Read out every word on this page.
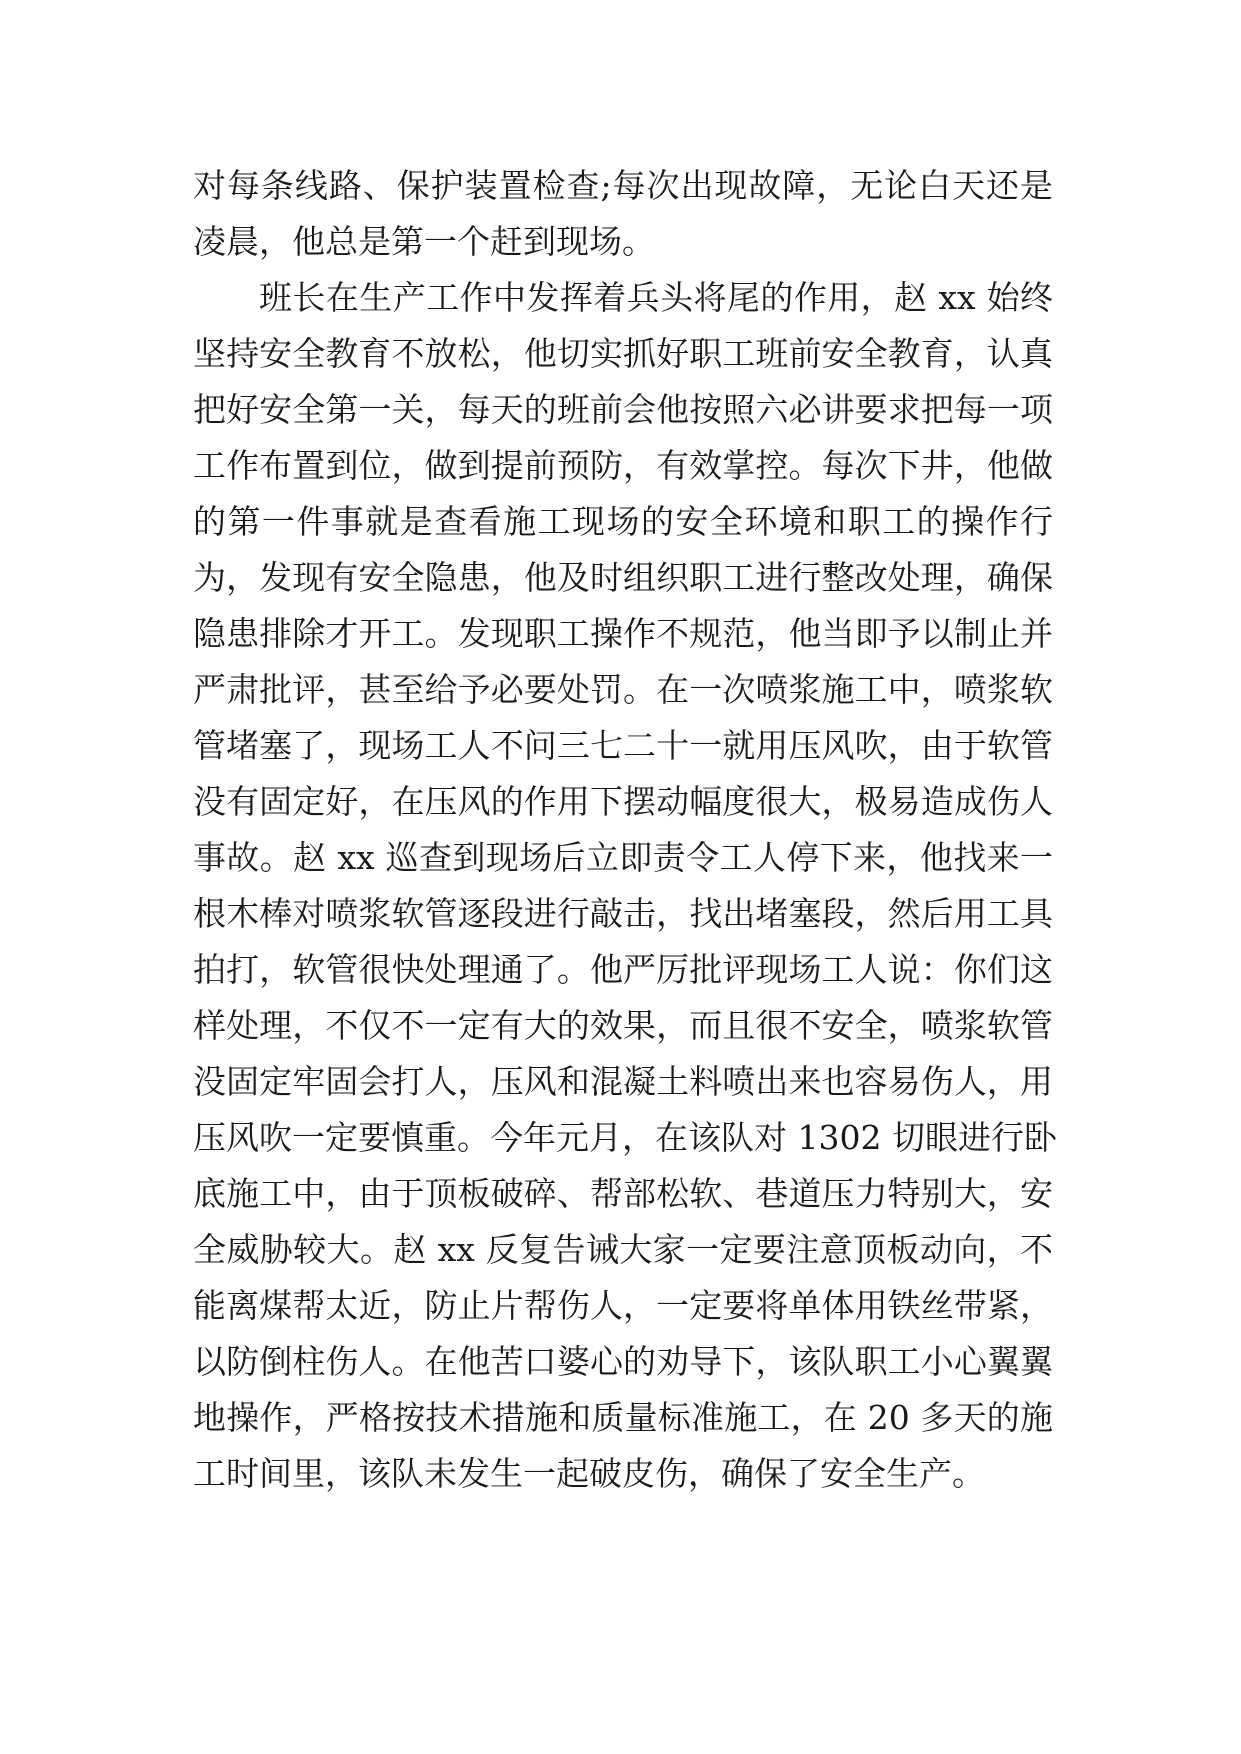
对每条线路、保护装置检查;每次出现故障，无论白天还是
凌晨，他总是第一个赶到现场。
班长在生产工作中发挥着兵头将尾的作用，赵 xx 始终
坚持安全教育不放松，他切实抓好职工班前安全教育，认真
把好安全第一关，每天的班前会他按照六必讲要求把每一项
工作布置到位，做到提前预防，有效掌控。每次下井，他做
的第一件事就是查看施工现场的安全环境和职工的操作行
为，发现有安全隐患，他及时组织职工进行整改处理，确保
隐患排除才开工。发现职工操作不规范，他当即予以制止并
严肃批评，甚至给予必要处罚。在一次喷浆施工中，喷浆软
管堵塞了，现场工人不问三七二十一就用压风吹，由于软管
没有固定好，在压风的作用下摆动幅度很大，极易造成伤人
事故。赵 xx 巡查到现场后立即责令工人停下来，他找来一
根木棒对喷浆软管逐段进行敲击，找出堵塞段，然后用工具
拍打，软管很快处理通了。他严厉批评现场工人说：你们这
样处理，不仅不一定有大的效果，而且很不安全，喷浆软管
没固定牢固会打人，压风和混凝土料喷出来也容易伤人，用
压风吹一定要慎重。今年元月，在该队对 1302 切眼进行卧
底施工中，由于顶板破碎、帮部松软、巷道压力特别大，安
全威胁较大。赵 xx 反复告诫大家一定要注意顶板动向，不
能离煤帮太近，防止片帮伤人，一定要将单体用铁丝带紧，
以防倒柱伤人。在他苦口婆心的劝导下，该队职工小心翼翼
地操作，严格按技术措施和质量标准施工，在 20 多天的施
工时间里，该队未发生一起破皮伤，确保了安全生产。
